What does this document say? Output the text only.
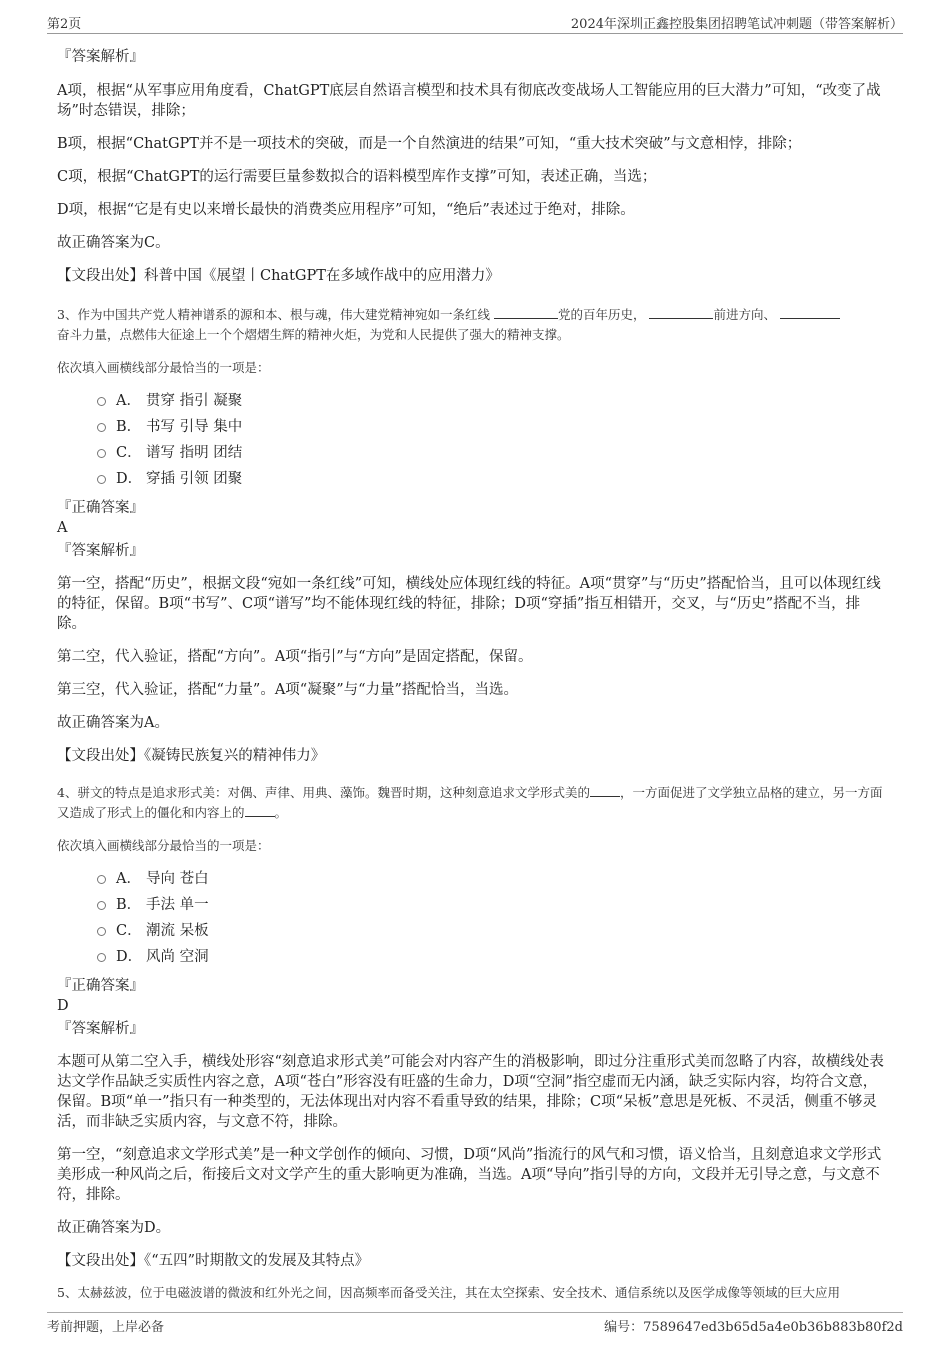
第2页	2024年深圳正鑫控股集团招聘笔试冲刺题（带答案解析）

『答案解析』

A项，根据“从军事应用角度看，ChatGPT底层自然语言模型和技术具有彻底改变战场人工智能应用的巨大潜力”可知，“改变了战场”时态错误，排除；

B项，根据“ChatGPT并不是一项技术的突破，而是一个自然演进的结果”可知，“重大技术突破”与文意相悖，排除；

C项，根据“ChatGPT的运行需要巨量参数拟合的语料模型库作支撑”可知，表述正确，当选；

D项，根据“它是有史以来增长最快的消费类应用程序”可知，“绝后”表述过于绝对，排除。

故正确答案为C。

【文段出处】科普中国《展望丨ChatGPT在多域作战中的应用潜力》

3、作为中国共产党人精神谱系的源和本、根与魂，伟大建党精神宛如一条红线	党的百年历史，	前进方向、
奋斗力量，点燃伟大征途上一个个熠熠生辉的精神火炬，为党和人民提供了强大的精神支撑。

依次填入画横线部分最恰当的一项是：

A． 贯穿 指引 凝聚
B． 书写 引导 集中
C． 谱写 指明 团结
D． 穿插 引领 团聚

『正确答案』

A

『答案解析』

第一空，搭配“历史”，根据文段“宛如一条红线”可知，横线处应体现红线的特征。A项“贯穿”与“历史”搭配恰当，且可以体现红线的特征，保留。B项“书写”、C项“谱写”均不能体现红线的特征，排除；D项“穿插”指互相错开，交叉，与“历史”搭配不当，排除。

第二空，代入验证，搭配“方向”。A项“指引”与“方向”是固定搭配，保留。

第三空，代入验证，搭配“力量”。A项“凝聚”与“力量”搭配恰当，当选。

故正确答案为A。

【文段出处】《凝铸民族复兴的精神伟力》

4、骈文的特点是追求形式美：对偶、声律、用典、藻饰。魏晋时期，这种刻意追求文学形式美的 ，一方面促进了文学独立品格的建立，另一方面又造成了形式上的僵化和内容上的 。

依次填入画横线部分最恰当的一项是：

A． 导向 苍白
B． 手法 单一
C． 潮流 呆板
D． 风尚 空洞

『正确答案』

D

『答案解析』

本题可从第二空入手，横线处形容“刻意追求形式美”可能会对内容产生的消极影响，即过分注重形式美而忽略了内容，故横线处表达文学作品缺乏实质性内容之意，A项“苍白”形容没有旺盛的生命力，D项“空洞”指空虚而无内涵，缺乏实际内容，均符合文意，保留。B项“单一”指只有一种类型的，无法体现出对内容不看重导致的结果，排除；C项“呆板”意思是死板、不灵活，侧重不够灵活，而非缺乏实质内容，与文意不符，排除。

第一空，“刻意追求文学形式美”是一种文学创作的倾向、习惯，D项“风尚”指流行的风气和习惯，语义恰当，且刻意追求文学形式美形成一种风尚之后，衔接后文对文学产生的重大影响更为准确，当选。A项“导向”指引导的方向，文段并无引导之意，与文意不符，排除。

故正确答案为D。

【文段出处】《“五四”时期散文的发展及其特点》

5、太赫兹波，位于电磁波谱的微波和红外光之间，因高频率而备受关注，其在太空探索、安全技术、通信系统以及医学成像等领域的巨大应用

考前押题，上岸必备	编号：7589647ed3b65d5a4e0b36b883b80f2d
